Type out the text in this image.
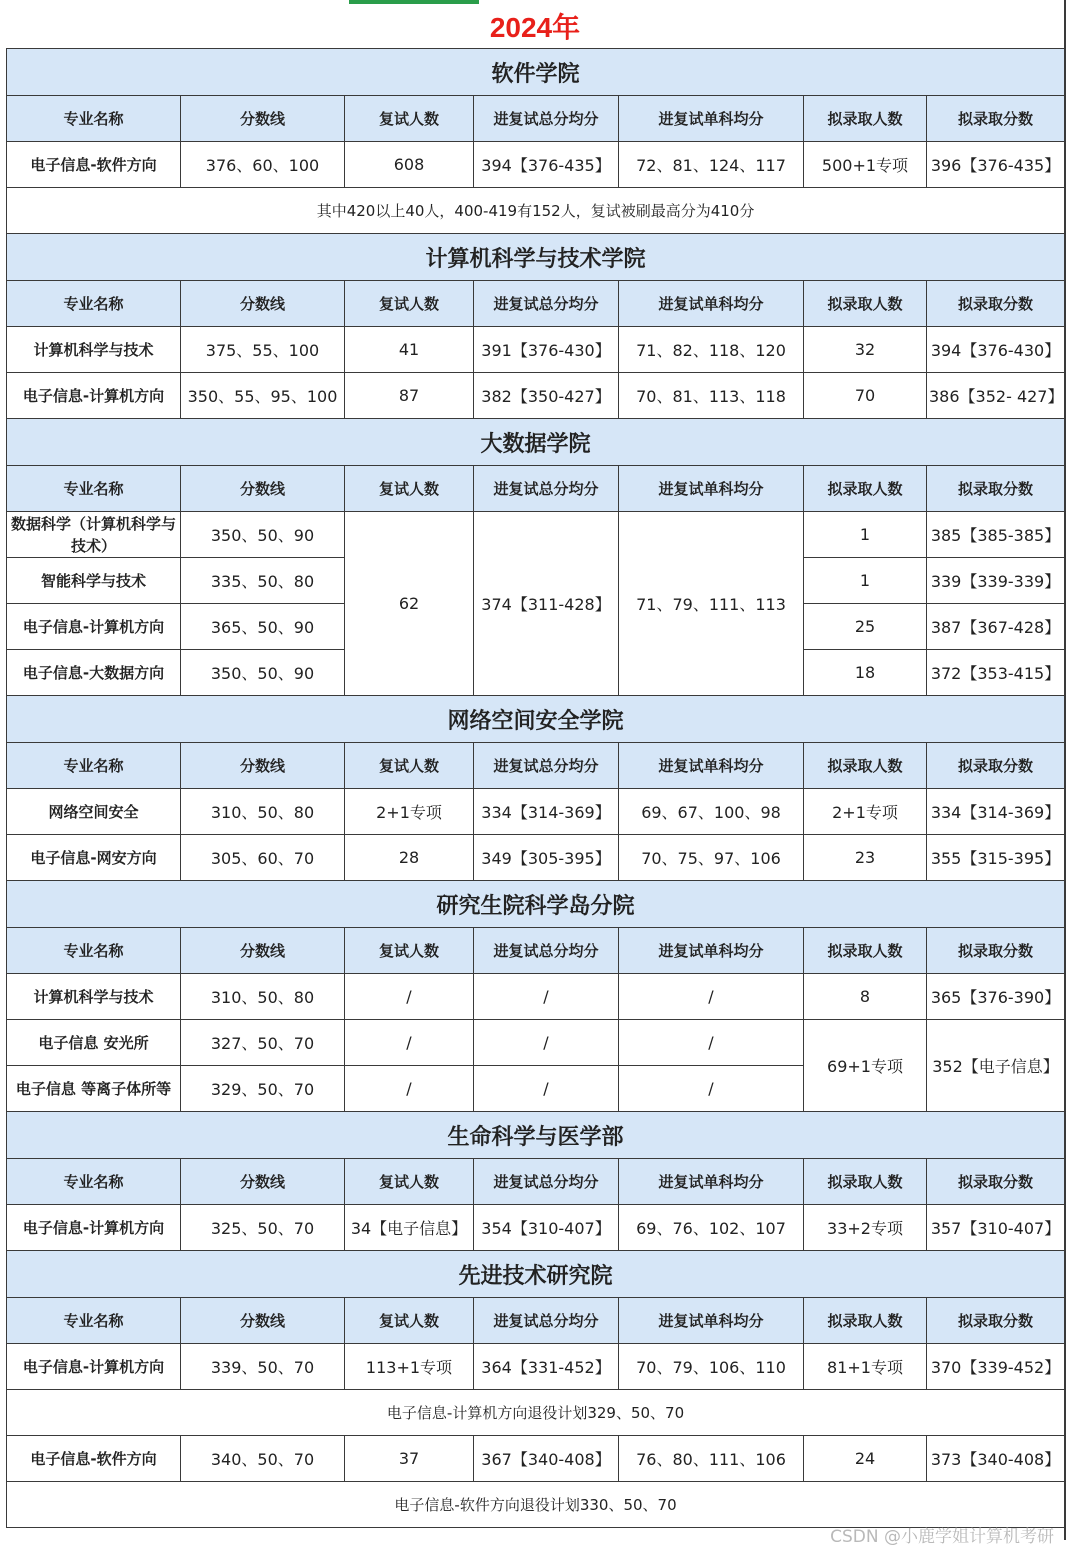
2024年
软件学院						
专业名称	分数线	复试人数	进复试总分均分	进复试单科均分	拟录取人数	拟录取分数
电子信息-软件方向	376、60、100	608	394【376-435】	72、81、124、117	500+1专项	396【376-435】
其中420以上40人，400-419有152人，复试被刷最高分为410分						
计算机科学与技术学院						
专业名称	分数线	复试人数	进复试总分均分	进复试单科均分	拟录取人数	拟录取分数
计算机科学与技术	375、55、100	41	391【376-430】	71、82、118、120	32	394【376-430】
电子信息-计算机方向	350、55、95、100	87	382【350-427】	70、81、113、118	70	386【352- 427】
大数据学院						
专业名称	分数线	复试人数	进复试总分均分	进复试单科均分	拟录取人数	拟录取分数
数据科学（计算机科学与技术）	350、50、90	62	374【311-428】	71、79、111、113	1	385【385-385】
智能科学与技术	335、50、80				1	339【339-339】
电子信息-计算机方向	365、50、90				25	387【367-428】
电子信息-大数据方向	350、50、90				18	372【353-415】
网络空间安全学院						
专业名称	分数线	复试人数	进复试总分均分	进复试单科均分	拟录取人数	拟录取分数
网络空间安全	310、50、80	2+1专项	334【314-369】	69、67、100、98	2+1专项	334【314-369】
电子信息-网安方向	305、60、70	28	349【305-395】	70、75、97、106	23	355【315-395】
研究生院科学岛分院						
专业名称	分数线	复试人数	进复试总分均分	进复试单科均分	拟录取人数	拟录取分数
计算机科学与技术	310、50、80	/	/	/	8	365【376-390】
电子信息 安光所	327、50、70	/	/	/	69+1专项	352【电子信息】
电子信息 等离子体所等	329、50、70	/	/	/		
生命科学与医学部						
专业名称	分数线	复试人数	进复试总分均分	进复试单科均分	拟录取人数	拟录取分数
电子信息-计算机方向	325、50、70	34【电子信息】	354【310-407】	69、76、102、107	33+2专项	357【310-407】
先进技术研究院						
专业名称	分数线	复试人数	进复试总分均分	进复试单科均分	拟录取人数	拟录取分数
电子信息-计算机方向	339、50、70	113+1专项	364【331-452】	70、79、106、110	81+1专项	370【339-452】
电子信息-计算机方向退役计划329、50、70						
电子信息-软件方向	340、50、70	37	367【340-408】	76、80、111、106	24	373【340-408】
电子信息-软件方向退役计划330、50、70						
CSDN @小鹿学姐计算机考研
